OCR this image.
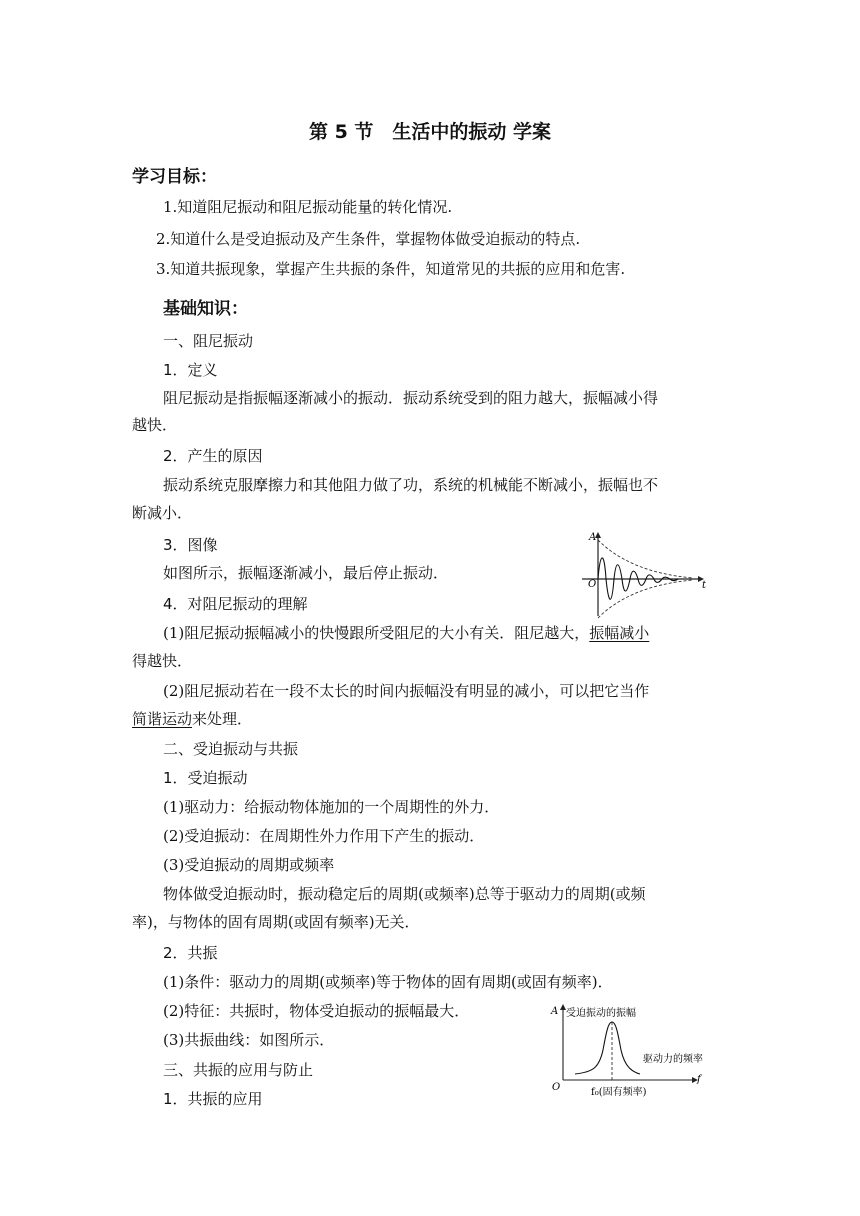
第 5 节　生活中的振动 学案
学习目标：
1.知道阻尼振动和阻尼振动能量的转化情况.
2.知道什么是受迫振动及产生条件，掌握物体做受迫振动的特点.
3.知道共振现象，掌握产生共振的条件，知道常见的共振的应用和危害.
基础知识：
一、阻尼振动
1．定义
阻尼振动是指振幅逐渐减小的振动．振动系统受到的阻力越大，振幅减小得
越快．
2．产生的原因
振动系统克服摩擦力和其他阻力做了功，系统的机械能不断减小，振幅也不
断减小．
3．图像
如图所示，振幅逐渐减小，最后停止振动．
4．对阻尼振动的理解
(1)阻尼振动振幅减小的快慢跟所受阻尼的大小有关．阻尼越大，振幅减小
得越快．
(2)阻尼振动若在一段不太长的时间内振幅没有明显的减小，可以把它当作
简谐运动来处理．
A
t
O
二、受迫振动与共振
1．受迫振动
(1)驱动力：给振动物体施加的一个周期性的外力．
(2)受迫振动：在周期性外力作用下产生的振动．
(3)受迫振动的周期或频率
物体做受迫振动时，振动稳定后的周期(或频率)总等于驱动力的周期(或频
率)，与物体的固有周期(或固有频率)无关．
2．共振
(1)条件：驱动力的周期(或频率)等于物体的固有周期(或固有频率)．
(2)特征：共振时，物体受迫振动的振幅最大．
(3)共振曲线：如图所示．
A 受迫振动的振幅
f
O
驱动力的频率
f₀(固有频率)
三、共振的应用与防止
1．共振的应用
